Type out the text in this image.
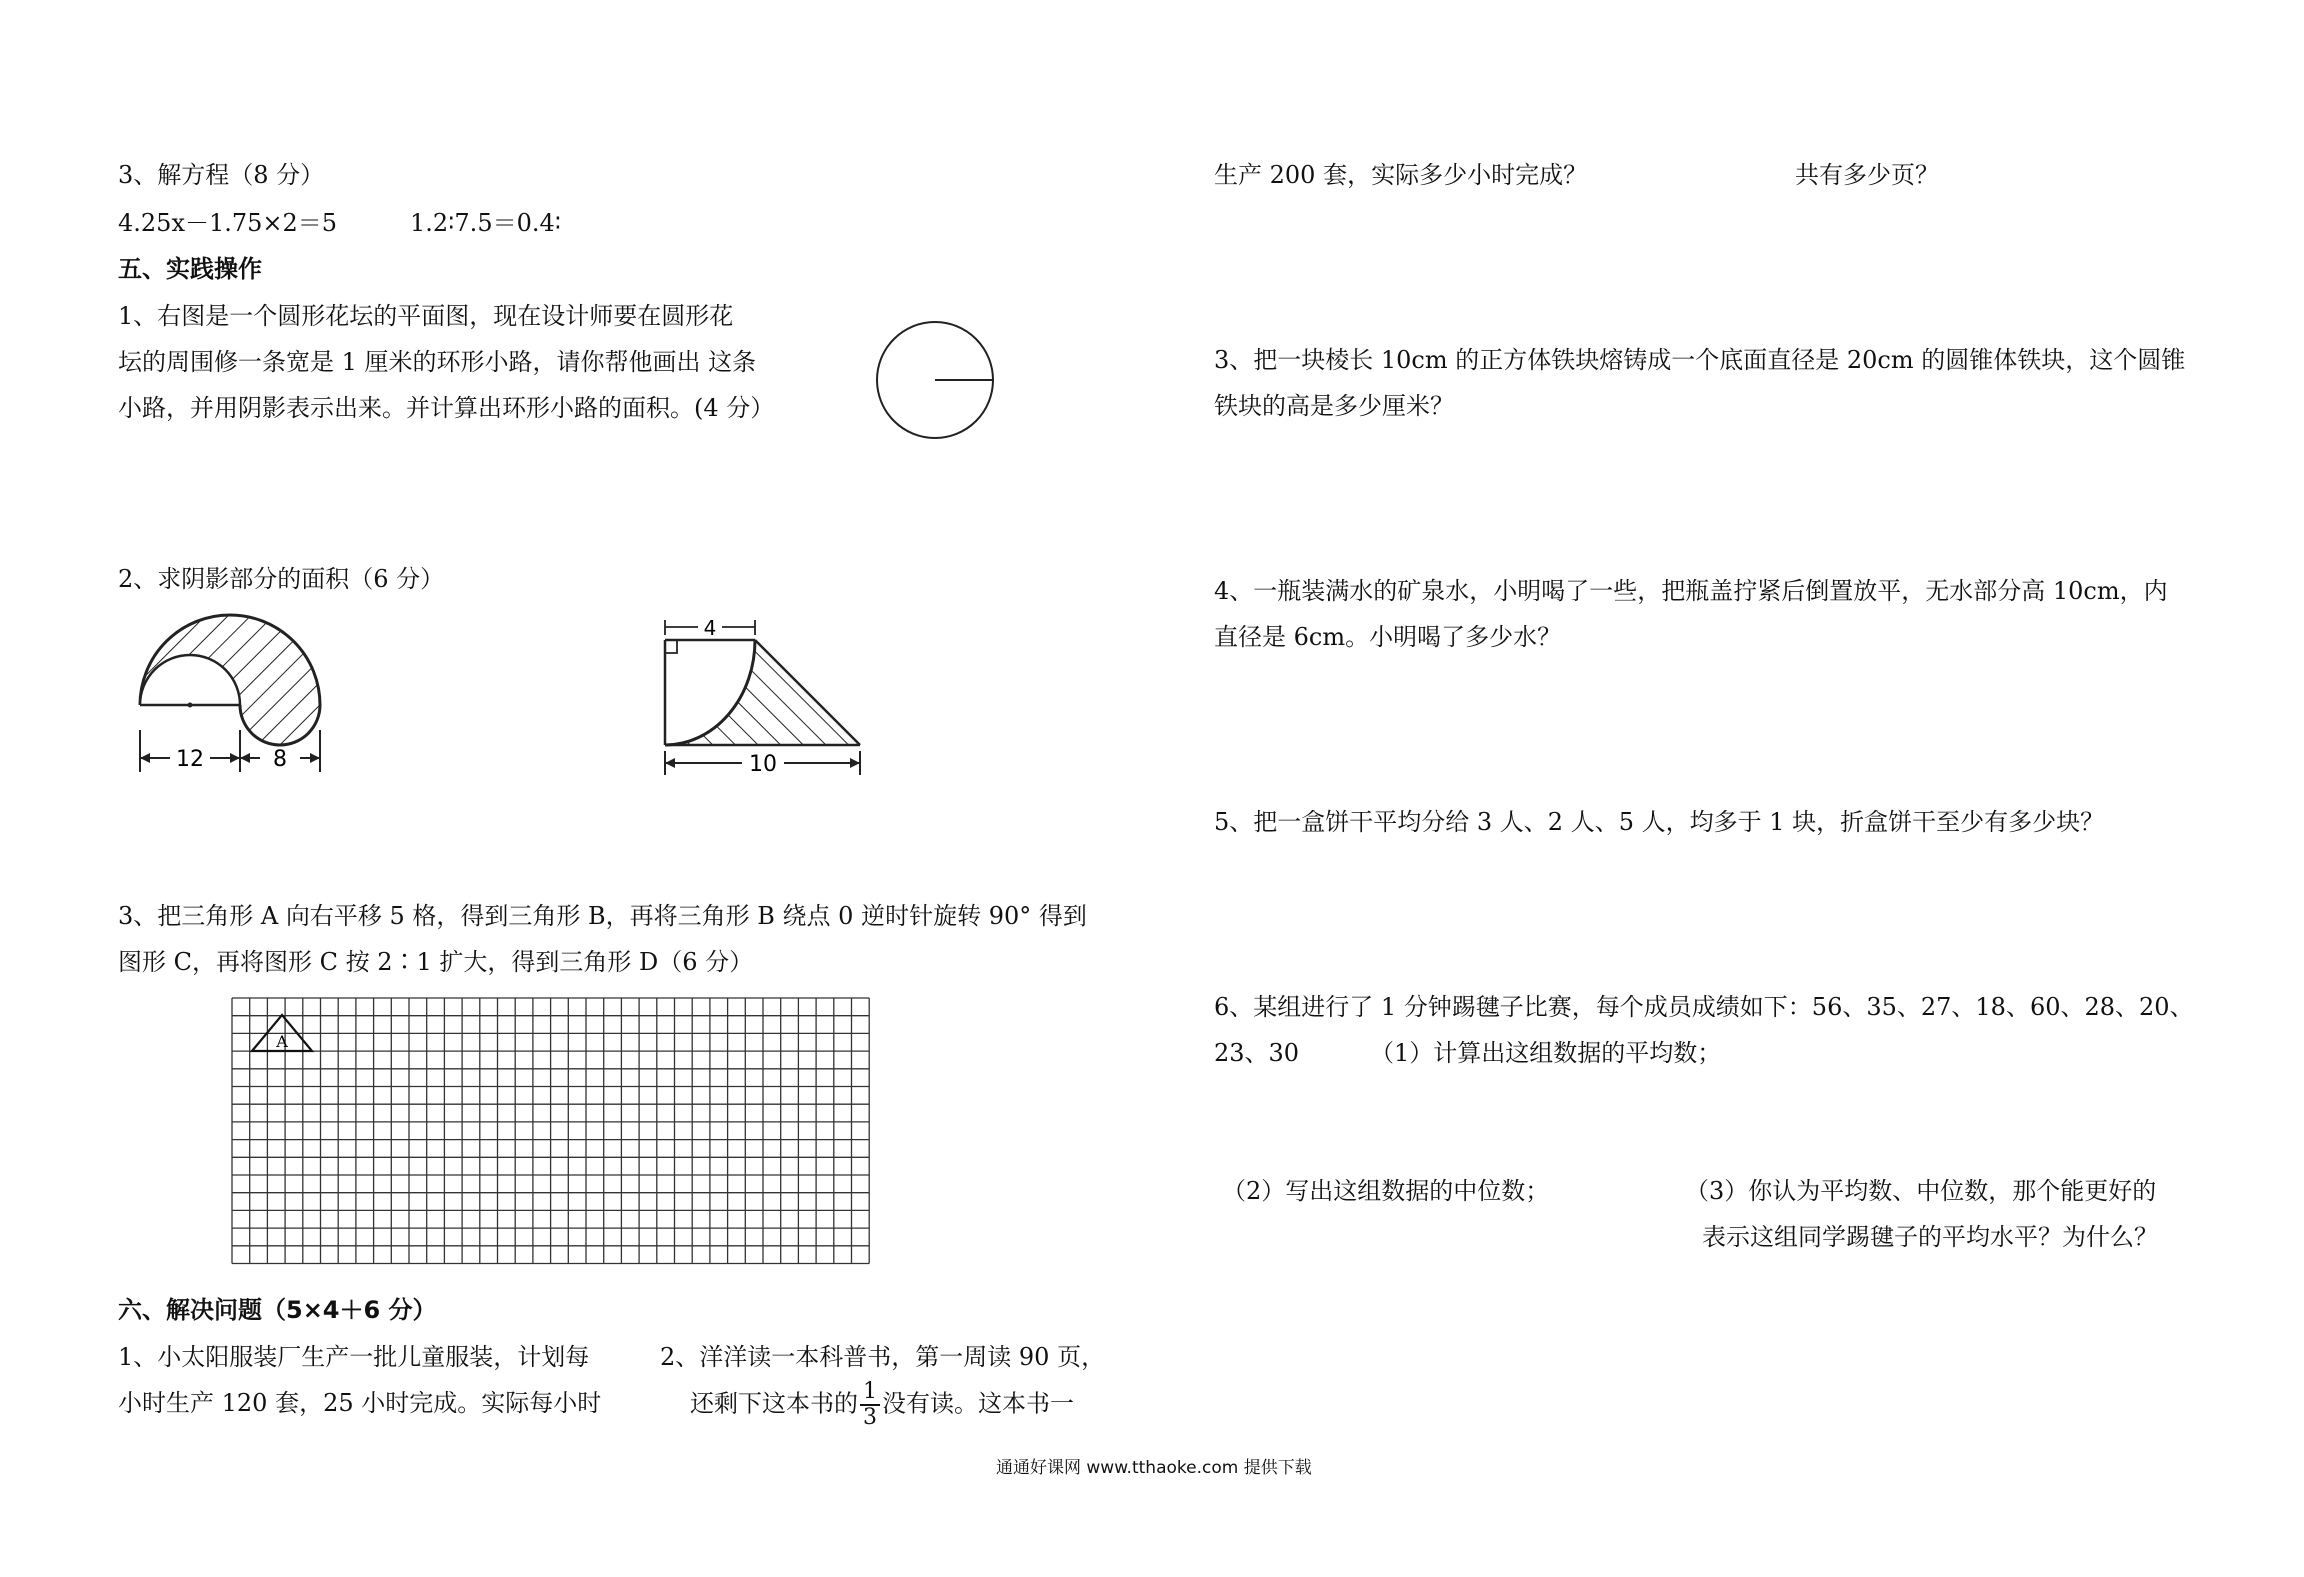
3、解方程（8 分）
4.25x－1.75×2＝5	1.2∶7.5＝0.4∶
五、实践操作
1、右图是一个圆形花坛的平面图，现在设计师要在圆形花
坛的周围修一条宽是 1 厘米的环形小路，请你帮他画出 这条
小路，并用阴影表示出来。并计算出环形小路的面积。(4 分）
2、求阴影部分的面积（6 分）
12	8
4
10
3、把三角形 A 向右平移 5 格，得到三角形 B，再将三角形 B 绕点 0 逆时针旋转 90° 得到
图形 C，再将图形 C 按 2∶1 扩大，得到三角形 D（6 分）
A
六、解决问题（5×4＋6 分）
1、小太阳服装厂生产一批儿童服装，计划每
小时生产 120 套，25 小时完成。实际每小时
2、洋洋读一本科普书，第一周读 90 页，
还剩下这本书的 $\frac{1}{3}$ 没有读。这本书一
生产 200 套，实际多少小时完成？	共有多少页？
3、把一块棱长 10cm 的正方体铁块熔铸成一个底面直径是 20cm 的圆锥体铁块，这个圆锥
铁块的高是多少厘米？
4、一瓶装满水的矿泉水，小明喝了一些，把瓶盖拧紧后倒置放平，无水部分高 10cm，内
直径是 6cm。小明喝了多少水？
5、把一盒饼干平均分给 3 人、2 人、5 人，均多于 1 块，折盒饼干至少有多少块？
6、某组进行了 1 分钟踢毽子比赛，每个成员成绩如下：56、35、27、18、60、28、20、
23、30	（1）计算出这组数据的平均数；
（2）写出这组数据的中位数；	（3）你认为平均数、中位数，那个能更好的
表示这组同学踢毽子的平均水平？为什么？
通通好课网 www.tthaoke.com 提供下载
